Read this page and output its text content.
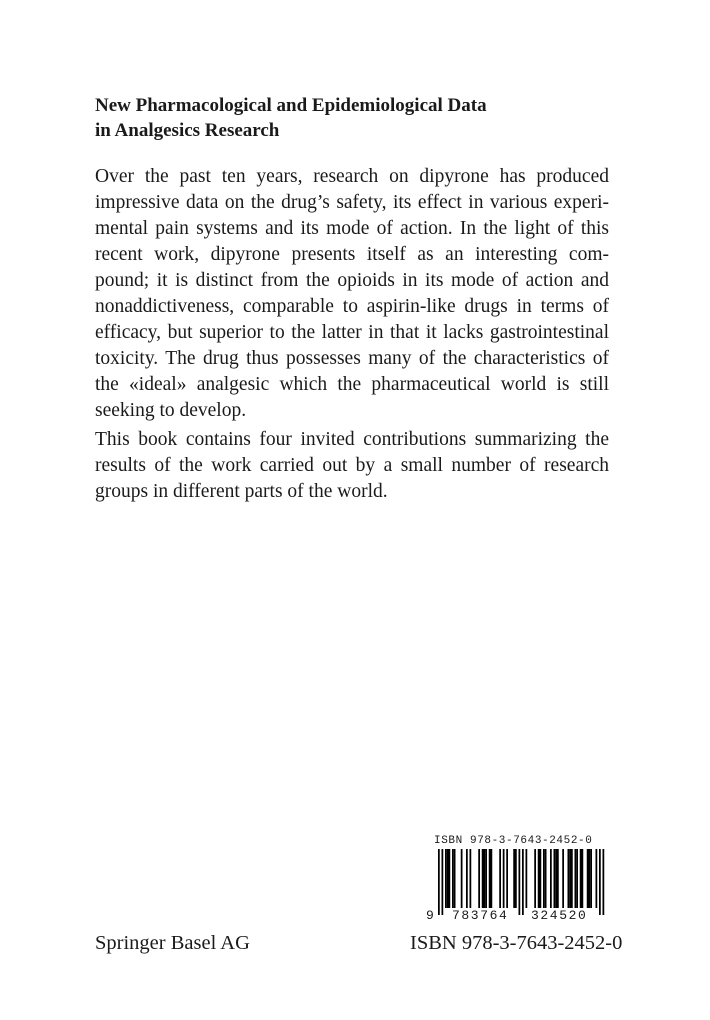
New Pharmacological and Epidemiological Data
in Analgesics Research
Over the past ten years, research on dipyrone has produced
impressive data on the drug’s safety, its effect in various experi-
mental pain systems and its mode of action. In the light of this
recent work, dipyrone presents itself as an interesting com-
pound; it is distinct from the opioids in its mode of action and
nonaddictiveness, comparable to aspirin-like drugs in terms of
efficacy, but superior to the latter in that it lacks gastrointestinal
toxicity. The drug thus possesses many of the characteristics of
the «ideal» analgesic which the pharmaceutical world is still
seeking to develop.
This book contains four invited contributions summarizing the
results of the work carried out by a small number of research
groups in different parts of the world.
ISBN 978-3-7643-2452-0
9 783764 324520
Springer Basel AG	ISBN 978-3-7643-2452-0
